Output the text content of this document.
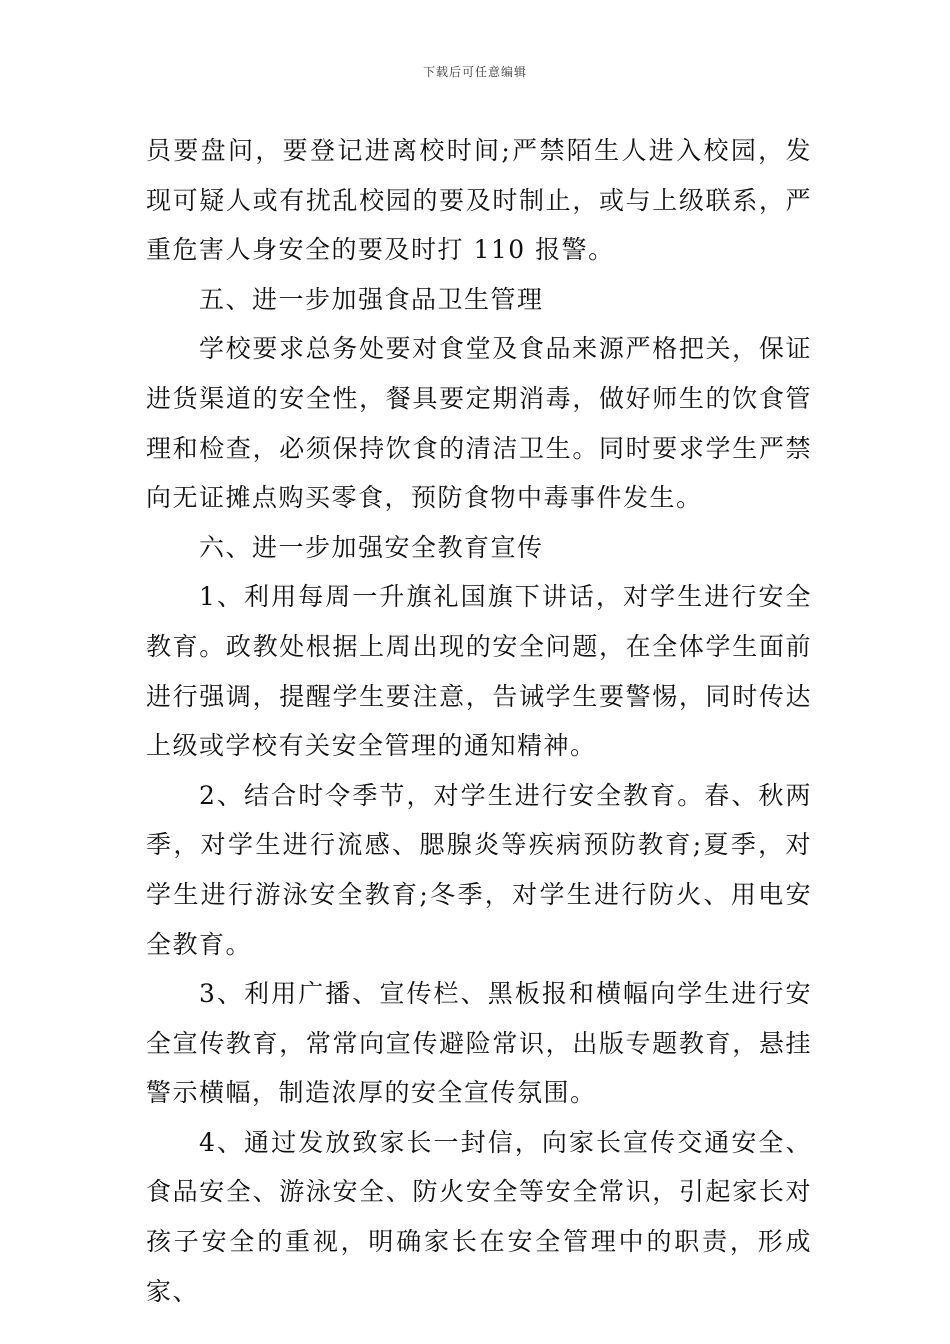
下载后可任意编辑

员要盘问，要登记进离校时间;严禁陌生人进入校园，发现可疑人或有扰乱校园的要及时制止，或与上级联系，严重危害人身安全的要及时打 110 报警。

五、进一步加强食品卫生管理

学校要求总务处要对食堂及食品来源严格把关，保证进货渠道的安全性，餐具要定期消毒，做好师生的饮食管理和检查，必须保持饮食的清洁卫生。同时要求学生严禁向无证摊点购买零食，预防食物中毒事件发生。

六、进一步加强安全教育宣传

1、利用每周一升旗礼国旗下讲话，对学生进行安全教育。政教处根据上周出现的安全问题，在全体学生面前进行强调，提醒学生要注意，告诫学生要警惕，同时传达上级或学校有关安全管理的通知精神。

2、结合时令季节，对学生进行安全教育。春、秋两季，对学生进行流感、腮腺炎等疾病预防教育;夏季，对学生进行游泳安全教育;冬季，对学生进行防火、用电安全教育。

3、利用广播、宣传栏、黑板报和横幅向学生进行安全宣传教育，常常向宣传避险常识，出版专题教育，悬挂警示横幅，制造浓厚的安全宣传氛围。

4、通过发放致家长一封信，向家长宣传交通安全、食品安全、游泳安全、防火安全等安全常识，引起家长对孩子安全的重视，明确家长在安全管理中的职责，形成家、
